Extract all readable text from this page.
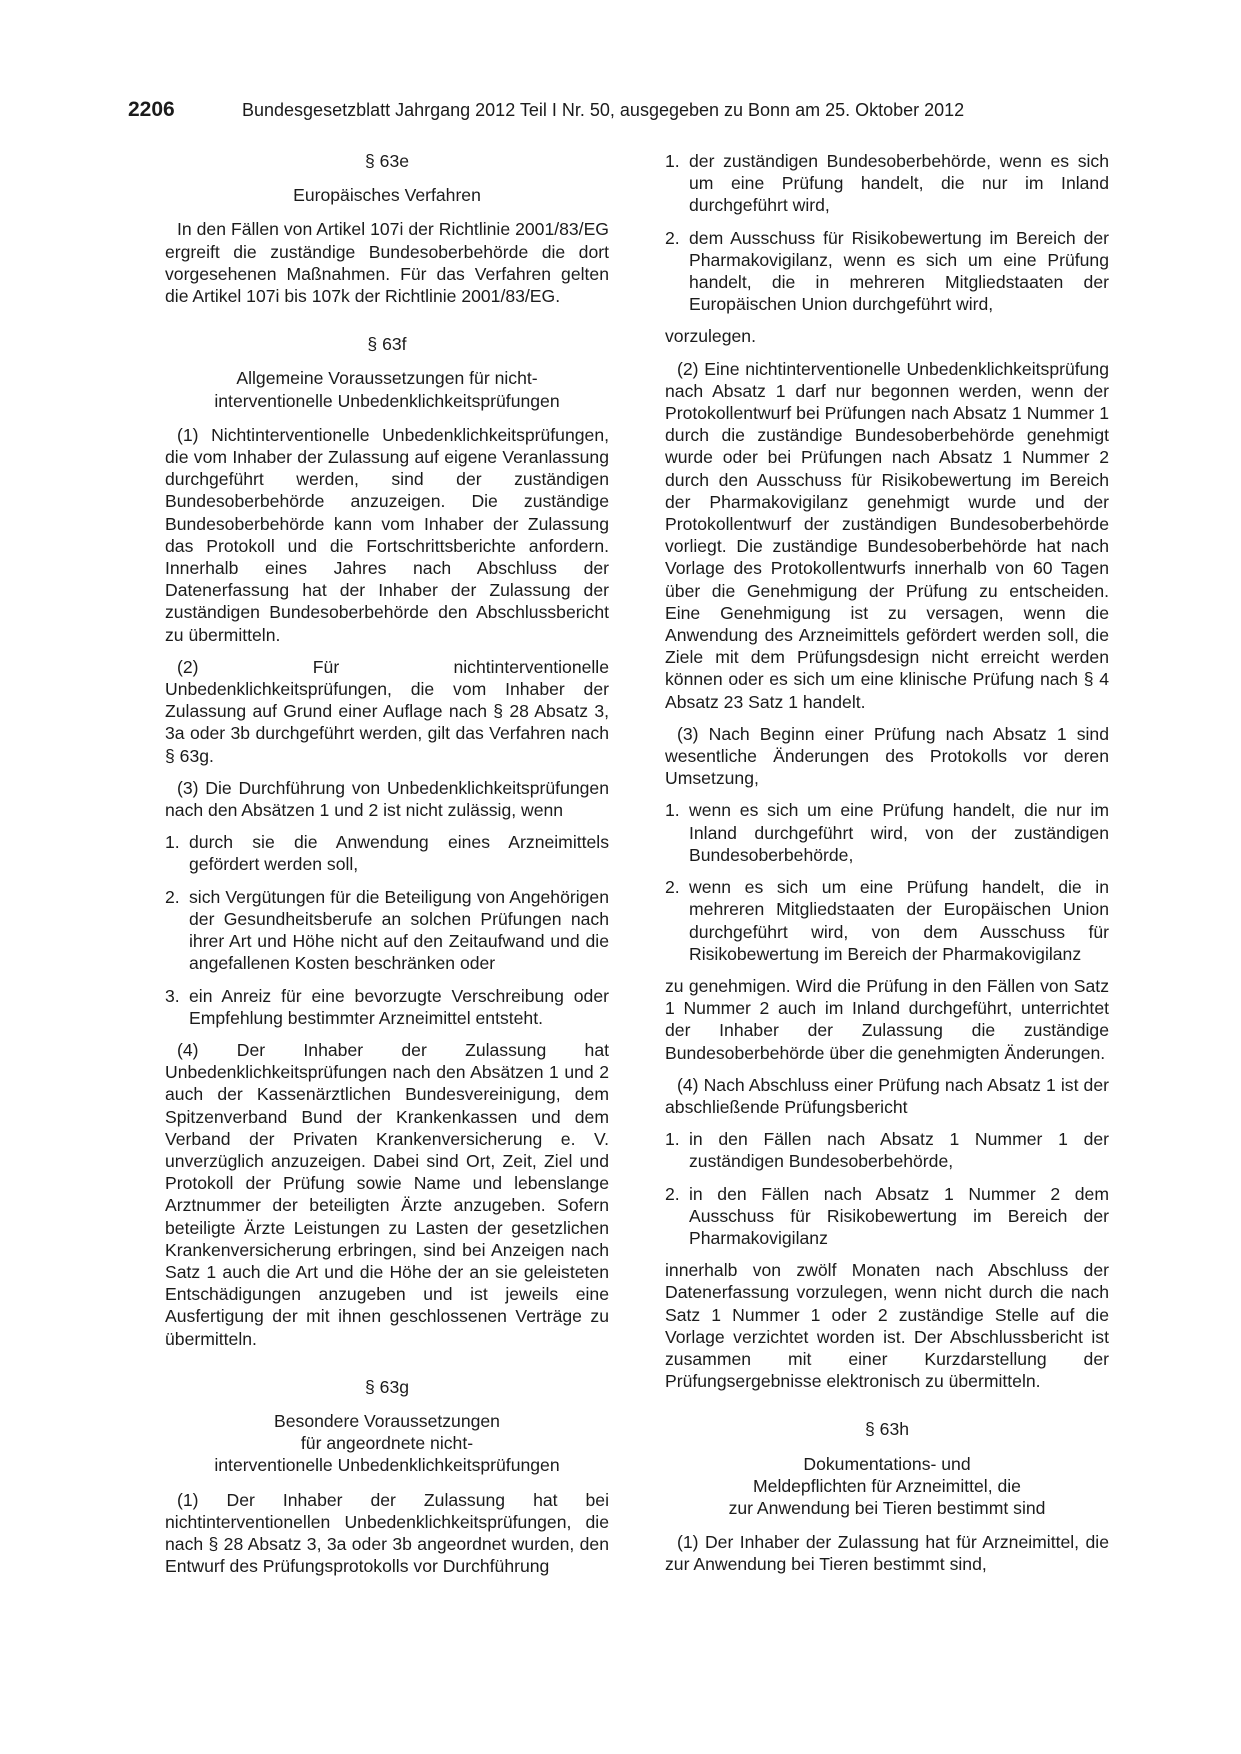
2206	Bundesgesetzblatt Jahrgang 2012 Teil I Nr. 50, ausgegeben zu Bonn am 25. Oktober 2012
§ 63e
Europäisches Verfahren

In den Fällen von Artikel 107i der Richtlinie 2001/83/EG ergreift die zuständige Bundesoberbehörde die dort vorgesehenen Maßnahmen. Für das Verfahren gelten die Artikel 107i bis 107k der Richtlinie 2001/83/EG.

§ 63f
Allgemeine Voraussetzungen für nicht-
interventionelle Unbedenklichkeitsprüfungen

(1) Nichtinterventionelle Unbedenklichkeitsprüfungen, die vom Inhaber der Zulassung auf eigene Veranlassung durchgeführt werden, sind der zuständigen Bundesoberbehörde anzuzeigen. Die zuständige Bundesoberbehörde kann vom Inhaber der Zulassung das Protokoll und die Fortschrittsberichte anfordern. Innerhalb eines Jahres nach Abschluss der Datenerfassung hat der Inhaber der Zulassung der zuständigen Bundesoberbehörde den Abschlussbericht zu übermitteln.

(2) Für nichtinterventionelle Unbedenklichkeitsprüfungen, die vom Inhaber der Zulassung auf Grund einer Auflage nach § 28 Absatz 3, 3a oder 3b durchgeführt werden, gilt das Verfahren nach § 63g.

(3) Die Durchführung von Unbedenklichkeitsprüfungen nach den Absätzen 1 und 2 ist nicht zulässig, wenn

1. durch sie die Anwendung eines Arzneimittels gefördert werden soll,
2. sich Vergütungen für die Beteiligung von Angehörigen der Gesundheitsberufe an solchen Prüfungen nach ihrer Art und Höhe nicht auf den Zeitaufwand und die angefallenen Kosten beschränken oder
3. ein Anreiz für eine bevorzugte Verschreibung oder Empfehlung bestimmter Arzneimittel entsteht.

(4) Der Inhaber der Zulassung hat Unbedenklichkeitsprüfungen nach den Absätzen 1 und 2 auch der Kassenärztlichen Bundesvereinigung, dem Spitzenverband Bund der Krankenkassen und dem Verband der Privaten Krankenversicherung e. V. unverzüglich anzuzeigen. Dabei sind Ort, Zeit, Ziel und Protokoll der Prüfung sowie Name und lebenslange Arztnummer der beteiligten Ärzte anzugeben. Sofern beteiligte Ärzte Leistungen zu Lasten der gesetzlichen Krankenversicherung erbringen, sind bei Anzeigen nach Satz 1 auch die Art und die Höhe der an sie geleisteten Entschädigungen anzugeben und ist jeweils eine Ausfertigung der mit ihnen geschlossenen Verträge zu übermitteln.

§ 63g
Besondere Voraussetzungen
für angeordnete nicht-
interventionelle Unbedenklichkeitsprüfungen

(1) Der Inhaber der Zulassung hat bei nichtinterventionellen Unbedenklichkeitsprüfungen, die nach § 28 Absatz 3, 3a oder 3b angeordnet wurden, den Entwurf des Prüfungsprotokolls vor Durchführung

1. der zuständigen Bundesoberbehörde, wenn es sich um eine Prüfung handelt, die nur im Inland durchgeführt wird,
2. dem Ausschuss für Risikobewertung im Bereich der Pharmakovigilanz, wenn es sich um eine Prüfung handelt, die in mehreren Mitgliedstaaten der Europäischen Union durchgeführt wird,

vorzulegen.

(2) Eine nichtinterventionelle Unbedenklichkeitsprüfung nach Absatz 1 darf nur begonnen werden, wenn der Protokollentwurf bei Prüfungen nach Absatz 1 Nummer 1 durch die zuständige Bundesoberbehörde genehmigt wurde oder bei Prüfungen nach Absatz 1 Nummer 2 durch den Ausschuss für Risikobewertung im Bereich der Pharmakovigilanz genehmigt wurde und der Protokollentwurf der zuständigen Bundesoberbehörde vorliegt. Die zuständige Bundesoberbehörde hat nach Vorlage des Protokollentwurfs innerhalb von 60 Tagen über die Genehmigung der Prüfung zu entscheiden. Eine Genehmigung ist zu versagen, wenn die Anwendung des Arzneimittels gefördert werden soll, die Ziele mit dem Prüfungsdesign nicht erreicht werden können oder es sich um eine klinische Prüfung nach § 4 Absatz 23 Satz 1 handelt.

(3) Nach Beginn einer Prüfung nach Absatz 1 sind wesentliche Änderungen des Protokolls vor deren Umsetzung,

1. wenn es sich um eine Prüfung handelt, die nur im Inland durchgeführt wird, von der zuständigen Bundesoberbehörde,
2. wenn es sich um eine Prüfung handelt, die in mehreren Mitgliedstaaten der Europäischen Union durchgeführt wird, von dem Ausschuss für Risikobewertung im Bereich der Pharmakovigilanz

zu genehmigen. Wird die Prüfung in den Fällen von Satz 1 Nummer 2 auch im Inland durchgeführt, unterrichtet der Inhaber der Zulassung die zuständige Bundesoberbehörde über die genehmigten Änderungen.

(4) Nach Abschluss einer Prüfung nach Absatz 1 ist der abschließende Prüfungsbericht

1. in den Fällen nach Absatz 1 Nummer 1 der zuständigen Bundesoberbehörde,
2. in den Fällen nach Absatz 1 Nummer 2 dem Ausschuss für Risikobewertung im Bereich der Pharmakovigilanz

innerhalb von zwölf Monaten nach Abschluss der Datenerfassung vorzulegen, wenn nicht durch die nach Satz 1 Nummer 1 oder 2 zuständige Stelle auf die Vorlage verzichtet worden ist. Der Abschlussbericht ist zusammen mit einer Kurzdarstellung der Prüfungsergebnisse elektronisch zu übermitteln.

§ 63h
Dokumentations- und
Meldepflichten für Arzneimittel, die
zur Anwendung bei Tieren bestimmt sind

(1) Der Inhaber der Zulassung hat für Arzneimittel, die zur Anwendung bei Tieren bestimmt sind,
